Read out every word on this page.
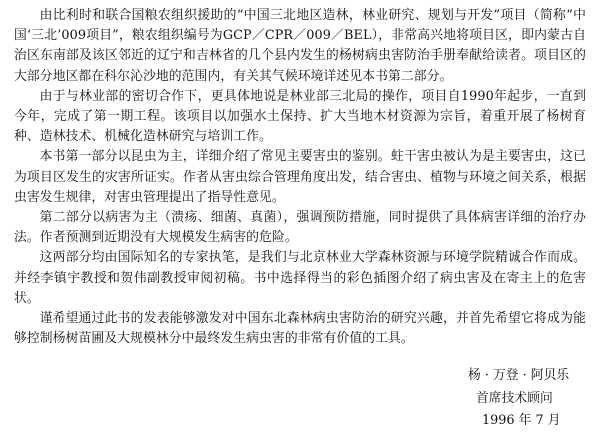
由比利时和联合国粮农组织援助的“中国三北地区造林，林业研究、规划与开发”项目（简称“中国‘三北’009项目”，粮农组织编号为GCP／CPR／009／BEL），非常高兴地将项目区，即内蒙古自治区东南部及该区邻近的辽宁和吉林省的几个县内发生的杨树病虫害防治手册奉献给读者。项目区的大部分地区都在科尔沁沙地的范围内，有关其气候环境详述见本书第二部分。

由于与林业部的密切合作下，更具体地说是林业部三北局的操作，项目自1990年起步，一直到今年，完成了第一期工程。该项目以加强水土保持、扩大当地木材资源为宗旨，着重开展了杨树育种、造林技术、机械化造林研究与培训工作。

本书第一部分以昆虫为主，详细介绍了常见主要害虫的鉴别。蛀干害虫被认为是主要害虫，这已为项目区发生的灾害所证实。作者从害虫综合管理角度出发，结合害虫、植物与环境之间关系，根据虫害发生规律，对害虫管理提出了指导性意见。

第二部分以病害为主（溃疡、细菌、真菌），强调预防措施，同时提供了具体病害详细的治疗办法。作者预测到近期没有大规模发生病害的危险。

这两部分均由国际知名的专家执笔，是我们与北京林业大学森林资源与环境学院精诚合作而成。并经李镇宇教授和贺伟副教授审阅初稿。书中选择得当的彩色插图介绍了病虫害及在寄主上的危害状。

谨希望通过此书的发表能够激发对中国东北森林病虫害防治的研究兴趣，并首先希望它将成为能够控制杨树苗圃及大规模林分中最终发生病虫害的非常有价值的工具。

杨 · 万登 · 阿贝乐
首席技术顾问
1996 年 7 月
